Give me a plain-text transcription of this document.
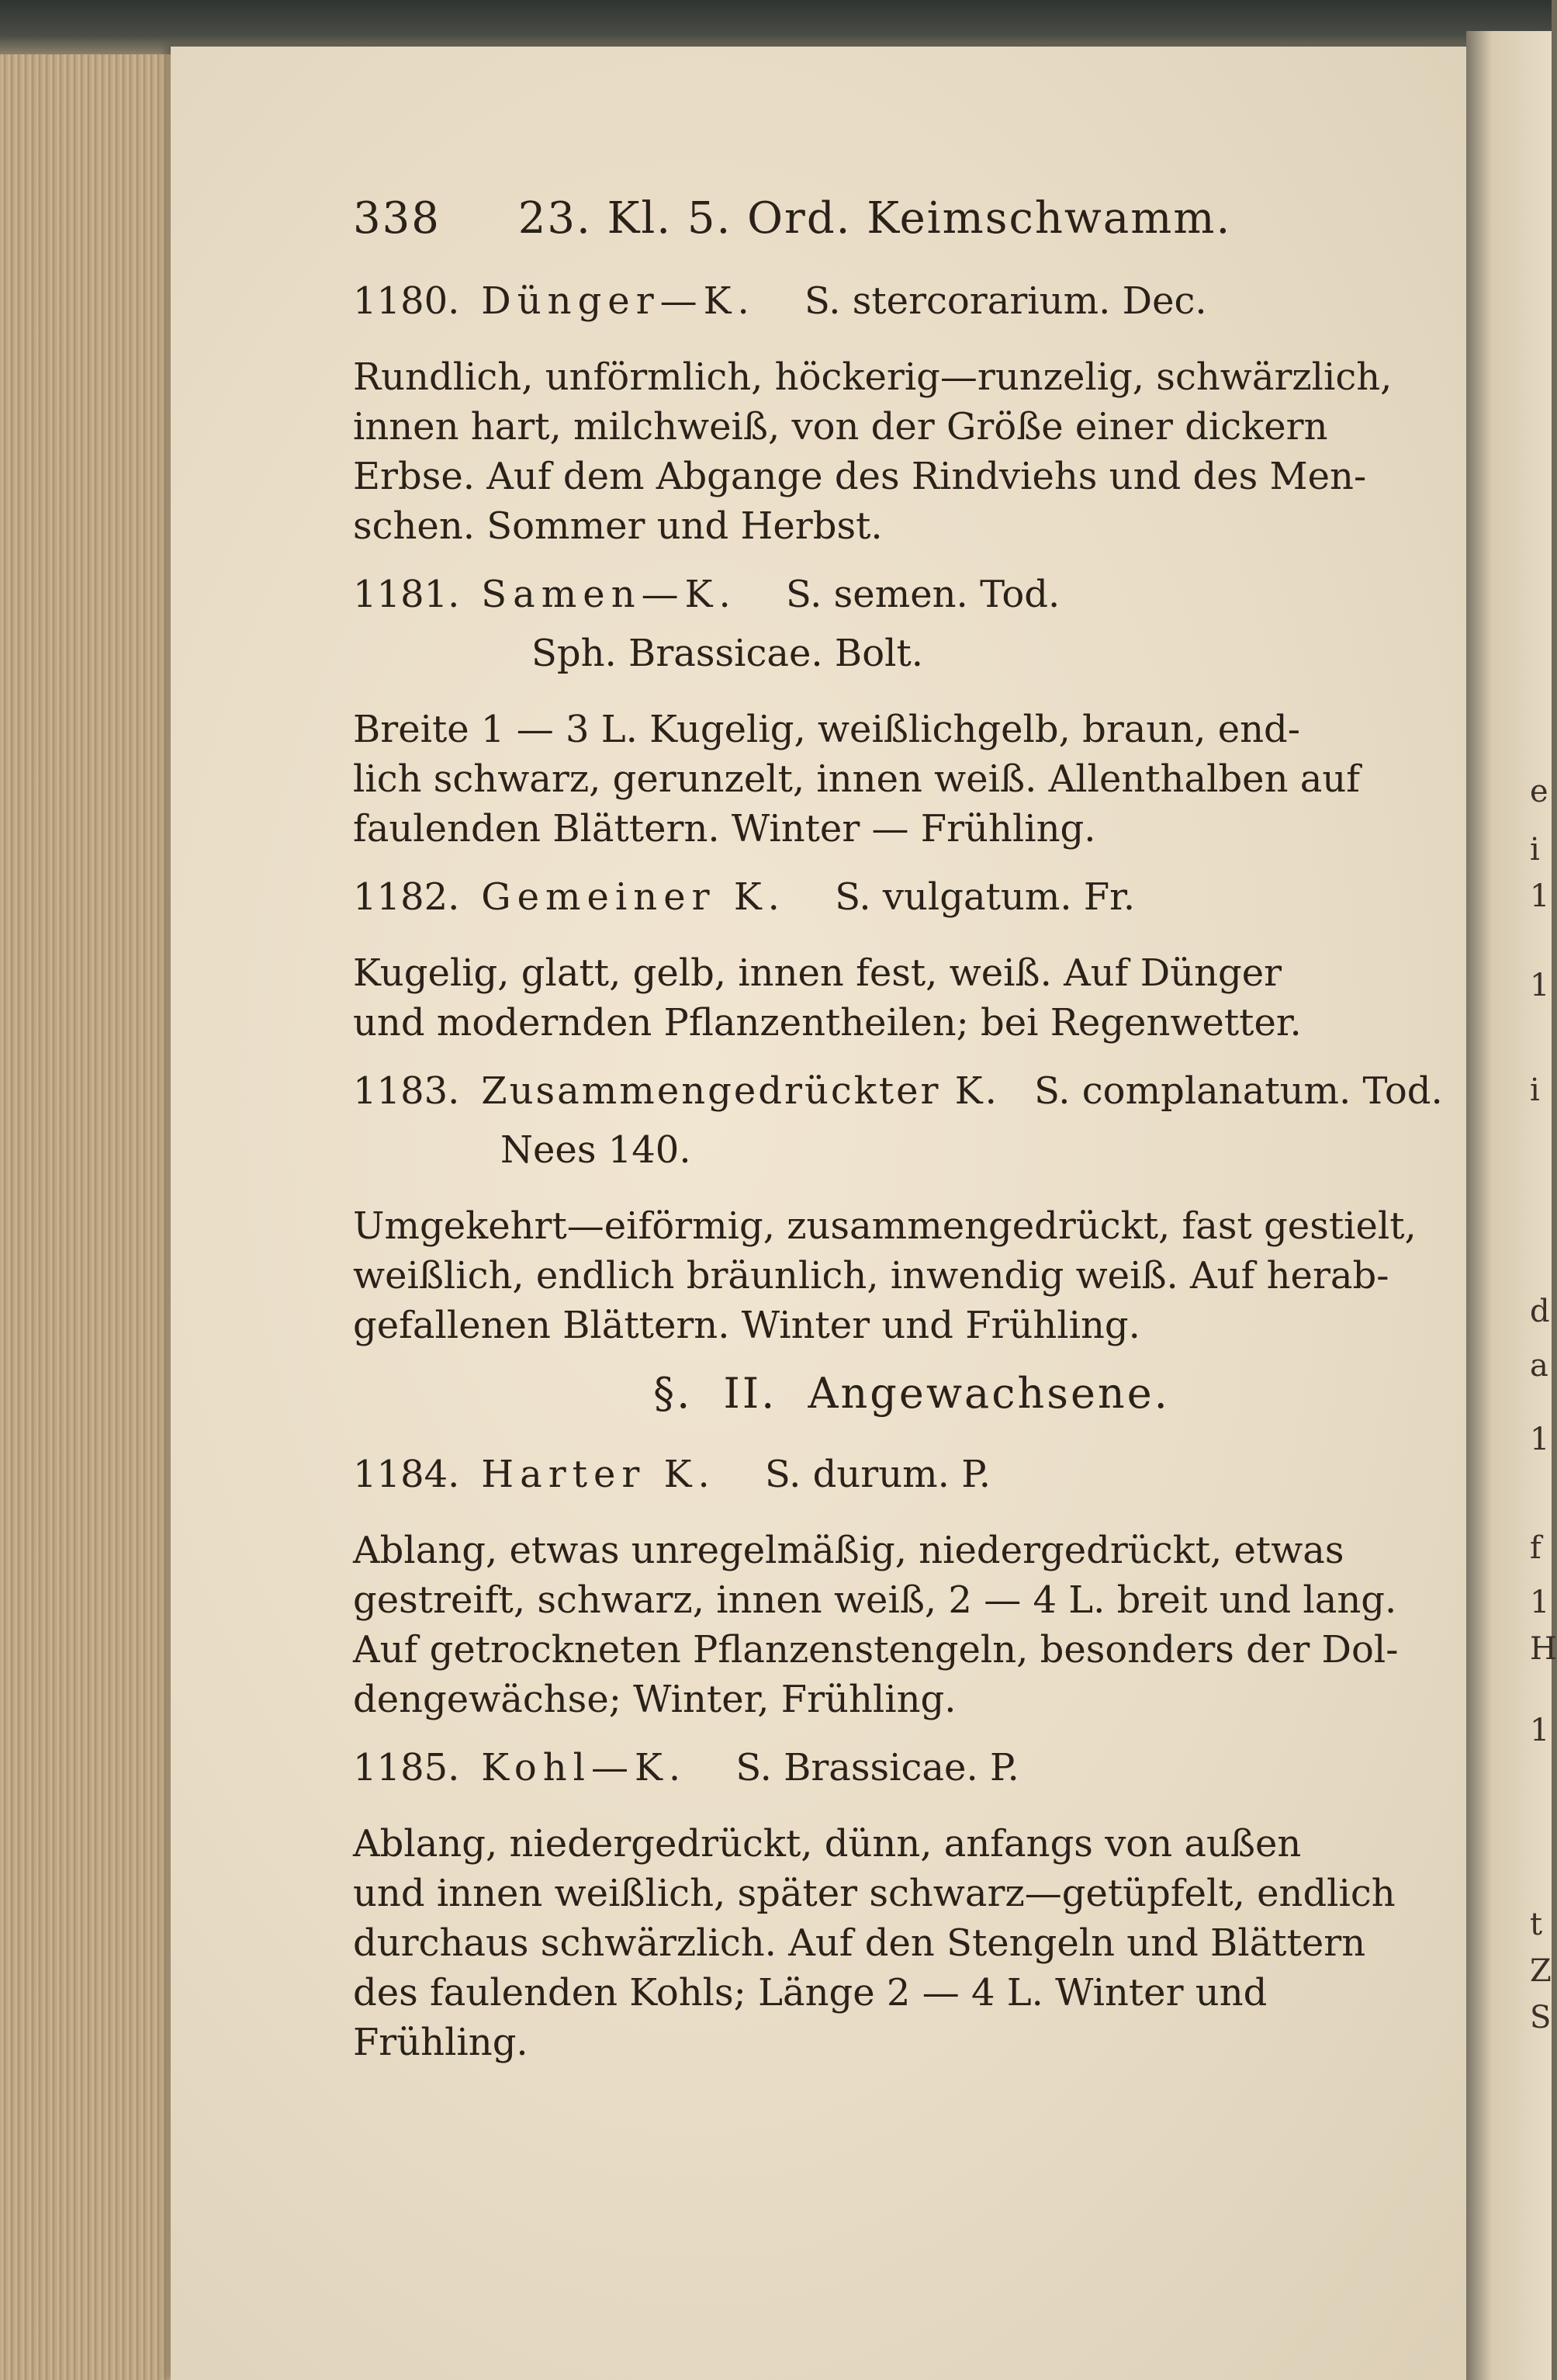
e
i
1
1
i
d
a
1
f
1
H
1
t
Z
S
338 23. Kl. 5. Ord. Keimschwamm.
1180. Dünger—K. S. stercorarium. Dec.
Rundlich, unförmlich, höckerig—runzelig, schwärzlich,
innen hart, milchweiß, von der Größe einer dickern
Erbse. Auf dem Abgange des Rindviehs und des Men-
schen. Sommer und Herbst.
1181. Samen—K. S. semen. Tod.
Sph. Brassicae. Bolt.
Breite 1 — 3 L. Kugelig, weißlichgelb, braun, end-
lich schwarz, gerunzelt, innen weiß. Allenthalben auf
faulenden Blättern. Winter — Frühling.
1182. Gemeiner K. S. vulgatum. Fr.
Kugelig, glatt, gelb, innen fest, weiß. Auf Dünger
und modernden Pflanzentheilen; bei Regenwetter.
1183. Zusammengedrückter K. S. complanatum. Tod.
Nees 140.
Umgekehrt—eiförmig, zusammengedrückt, fast gestielt,
weißlich, endlich bräunlich, inwendig weiß. Auf herab-
gefallenen Blättern. Winter und Frühling.
§. II. Angewachsene.
1184. Harter K. S. durum. P.
Ablang, etwas unregelmäßig, niedergedrückt, etwas
gestreift, schwarz, innen weiß, 2 — 4 L. breit und lang.
Auf getrockneten Pflanzenstengeln, besonders der Dol-
dengewächse; Winter, Frühling.
1185. Kohl—K. S. Brassicae. P.
Ablang, niedergedrückt, dünn, anfangs von außen
und innen weißlich, später schwarz—getüpfelt, endlich
durchaus schwärzlich. Auf den Stengeln und Blättern
des faulenden Kohls; Länge 2 — 4 L. Winter und
Frühling.
